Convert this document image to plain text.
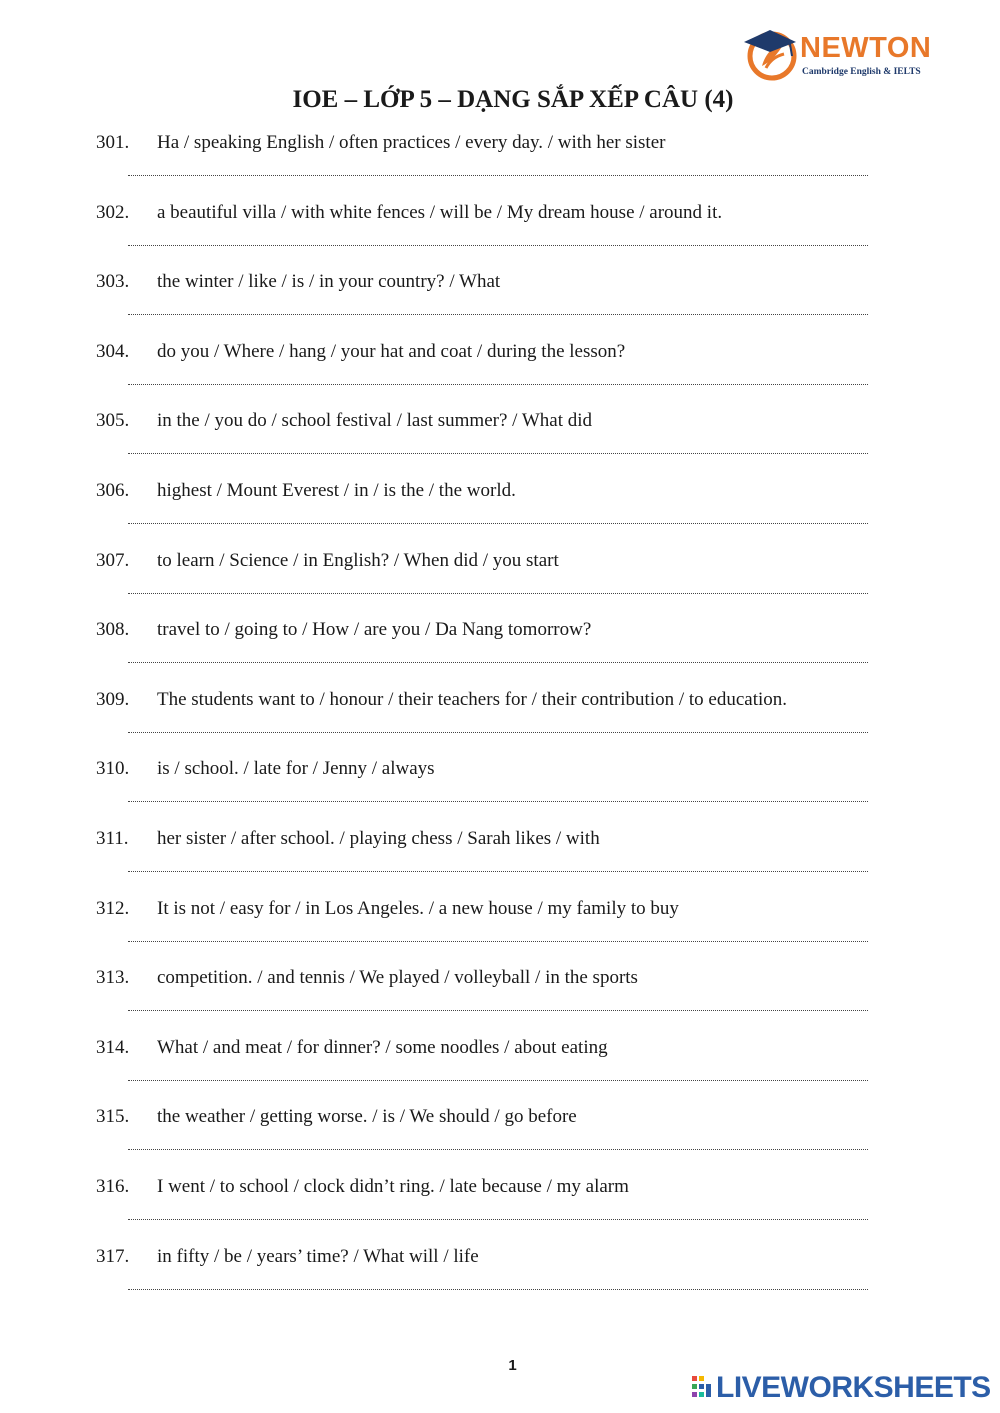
NEWTON
Cambridge English & IELTS
IOE – LỚP 5 – DẠNG SẮP XẾP CÂU (4)
301. Ha / speaking English / often practices / every day. / with her sister
302. a beautiful villa / with white fences / will be / My dream house / around it.
303. the winter / like / is / in your country? / What
304. do you / Where / hang / your hat and coat / during the lesson?
305. in the / you do / school festival / last summer? / What did
306. highest / Mount Everest / in / is the / the world.
307. to learn / Science / in English? / When did / you start
308. travel to / going to / How / are you / Da Nang tomorrow?
309. The students want to / honour / their teachers for / their contribution / to education.
310. is / school. / late for / Jenny / always
311. her sister / after school. / playing chess / Sarah likes / with
312. It is not / easy for / in Los Angeles. / a new house / my family to buy
313. competition. / and tennis / We played / volleyball / in the sports
314. What / and meat / for dinner? / some noodles / about eating
315. the weather / getting worse. / is / We should / go before
316. I went / to school / clock didn’t ring. / late because / my alarm
317. in fifty / be / years’ time? / What will / life
1
LIVEWORKSHEETS
